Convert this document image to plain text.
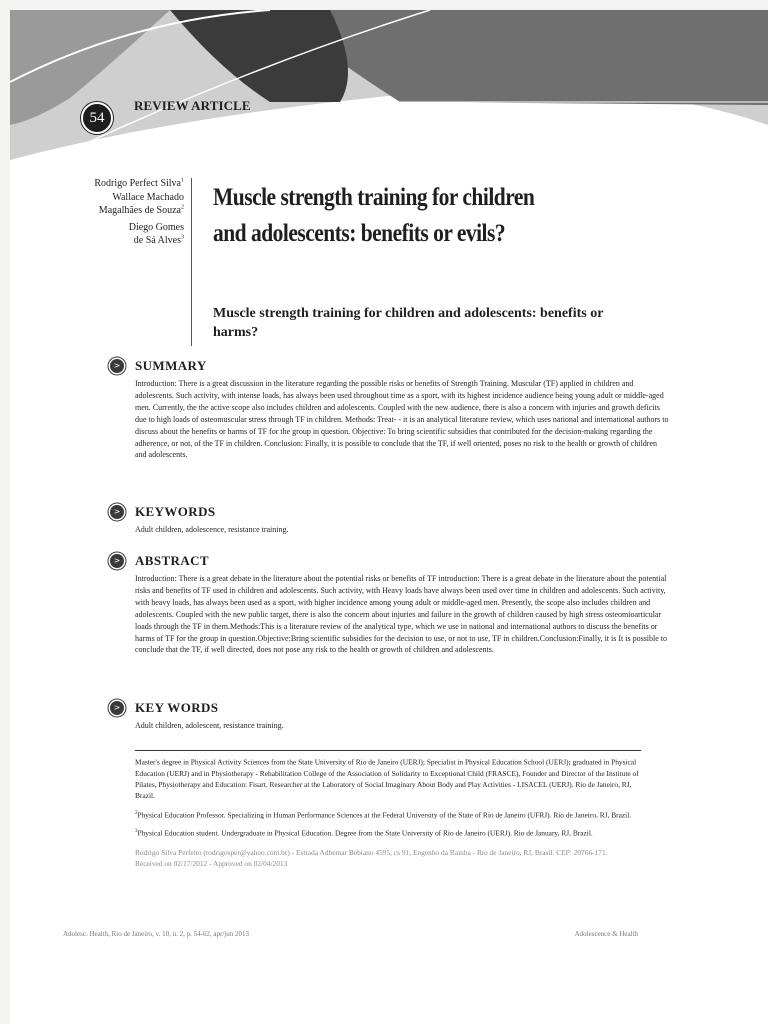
54
REVIEW ARTICLE
Rodrigo Perfect Silva$^1$
Wallace Machado
Magalhães de Souza$^2$
Diego Gomes
de Sá Alves$^3$
Muscle strength training for children and adolescents: benefits or evils?
Muscle strength training for children and adolescents: benefits or harms?
>	SUMMARY

Introduction: There is a great discussion in the literature regarding the possible risks or benefits of Strength Training. Muscular (TF) applied in children and adolescents. Such activity, with intense loads, has always been used throughout time as a sport, with its highest incidence audience being young adult or middle-aged men. Currently, the the active scope also includes children and adolescents. Coupled with the new audience, there is also a concern with injuries and growth deficits due to high loads of osteomuscular stress through TF in children. Methods: Treat- - it is an analytical literature review, which uses national and international authors to discuss about the benefits or harms of TF for the group in question. Objective: To bring scientific subsidies that contributed for the decision-making regarding the adherence, or not, of the TF in children. Conclusion: Finally, it is possible to conclude that the TF, if well oriented, poses no risk to the health or growth of children and adolescents.

>	KEYWORDS

Adult children, adolescence, resistance training.

>	ABSTRACT

Introduction: There is a great debate in the literature about the potential risks or benefits of TF introduction: There is a great debate in the literature about the potential risks and benefits of TF used in children and adolescents. Such activity, with Heavy loads have always been used over time in children and adolescents. Such activity, with heavy loads, has always been used as a sport, with higher incidence among young adult or middle-aged men. Presently, the scope also includes children and adolescents. Coupled with the new public target, there is also the concern about injuries and failure in the growth of children caused by high stress osteomioarticular loads through the TF in them.Methods:This is a literature review of the analytical type, which we use in national and international authors to discuss the benefits or harms of TF for the group in question.Objective:Bring scientific subsidies for the decision to use, or not to use, TF in children.Conclusion:Finally, it is It is possible to conclude that the TF, if well directed, does not pose any risk to the health or growth of children and adolescents.

>	KEY WORDS

Adult children, adolescent, resistance training.

Master's degree in Physical Activity Sciences from the State University of Rio de Janeiro (UERJ); Specialist in Physical Education School (UERJ); graduated in Physical Education (UERJ) and in Physiotherapy - Rehabilitation College of the Association of Solidarity to Exceptional Child (FRASCE), Founder and Director of the Institute of Pilates, Physiotherapy and Education: Fisart. Researcher at the Laboratory of Social Imaginary About Body and Play Activities - LISACEL (UERJ). Rio de Janeiro, RJ, Brazil.

$^2$Physical Education Professor. Specializing in Human Performance Sciences at the Federal University of the State of Rio de Janeiro (UFRJ). Rio de Janeiro, RJ, Brazil.

$^3$Physical Education student. Undergraduate in Physical Education. Degree from the State University of Rio de Janeiro (UERJ). Rio de January, RJ, Brazil.

Rodrigo Silva Perfeito (rodrigosper@yahoo.com.br) - Estrada Adhemar Bebiano 4595, cs 91, Engenho da Rainha - Rio de Janeiro, RJ, Brasil. CEP: 20766-171.

Received on 02/17/2012 - Approved on 02/04/2013

Adolesc. Health, Rio de Janeiro, v. 10, n. 2, p. 54-62, apr/jun 2013	Adolescence & Health
